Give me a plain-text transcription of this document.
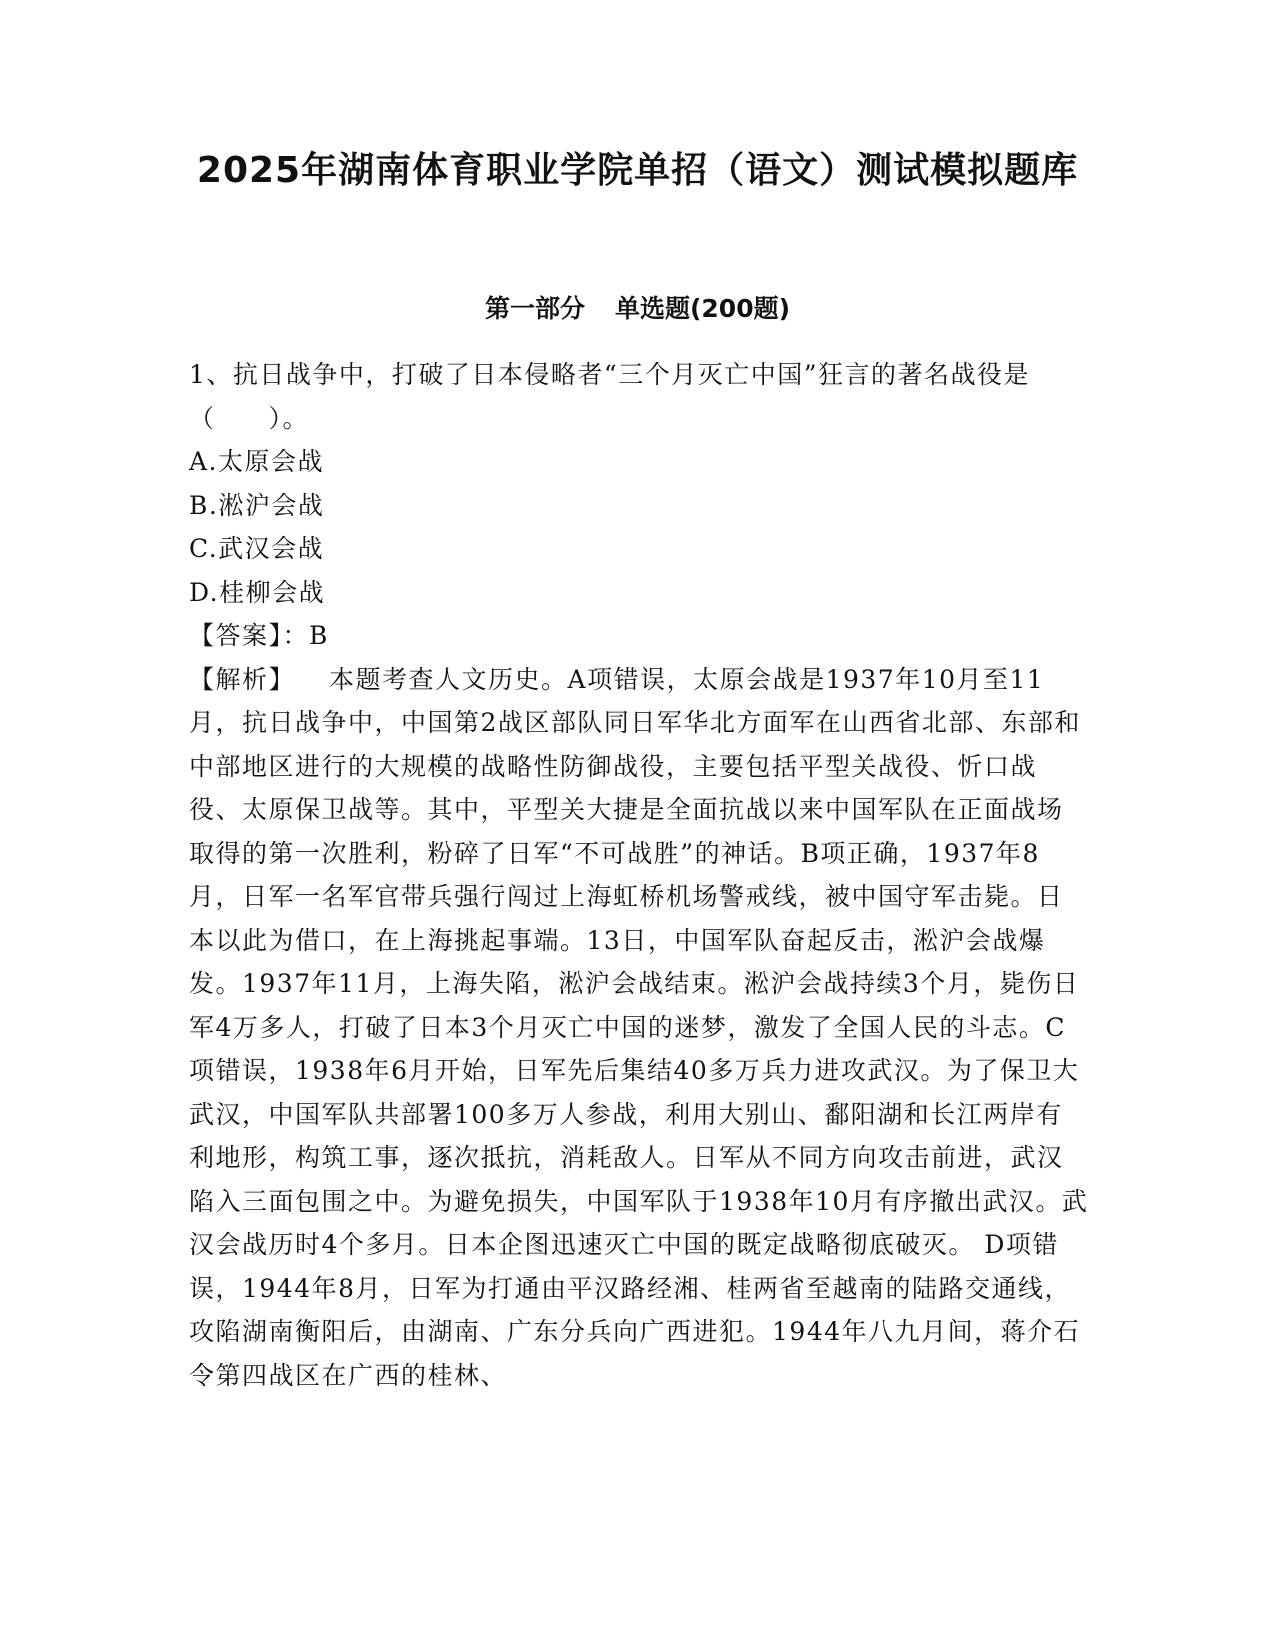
2025年湖南体育职业学院单招（语文）测试模拟题库
第一部分 单选题(200题)

1、抗日战争中，打破了日本侵略者“三个月灭亡中国”狂言的著名战役是（　　）。

A.太原会战

B.淞沪会战

C.武汉会战

D.桂柳会战

【答案】：B

【解析】 本题考查人文历史。A项错误，太原会战是1937年10月至11月，抗日战争中，中国第2战区部队同日军华北方面军在山西省北部、东部和中部地区进行的大规模的战略性防御战役，主要包括平型关战役、忻口战役、太原保卫战等。其中，平型关大捷是全面抗战以来中国军队在正面战场取得的第一次胜利，粉碎了日军“不可战胜”的神话。B项正确，1937年8月，日军一名军官带兵强行闯过上海虹桥机场警戒线，被中国守军击毙。日本以此为借口，在上海挑起事端。13日，中国军队奋起反击，淞沪会战爆发。1937年11月，上海失陷，淞沪会战结束。淞沪会战持续3个月，毙伤日军4万多人，打破了日本3个月灭亡中国的迷梦，激发了全国人民的斗志。C项错误，1938年6月开始，日军先后集结40多万兵力进攻武汉。为了保卫大武汉，中国军队共部署100多万人参战，利用大别山、鄱阳湖和长江两岸有利地形，构筑工事，逐次抵抗，消耗敌人。日军从不同方向攻击前进，武汉陷入三面包围之中。为避免损失，中国军队于1938年10月有序撤出武汉。武汉会战历时4个多月。日本企图迅速灭亡中国的既定战略彻底破灭。 D项错误，1944年8月，日军为打通由平汉路经湘、桂两省至越南的陆路交通线，攻陷湖南衡阳后，由湖南、广东分兵向广西进犯。1944年八九月间，蒋介石令第四战区在广西的桂林、
